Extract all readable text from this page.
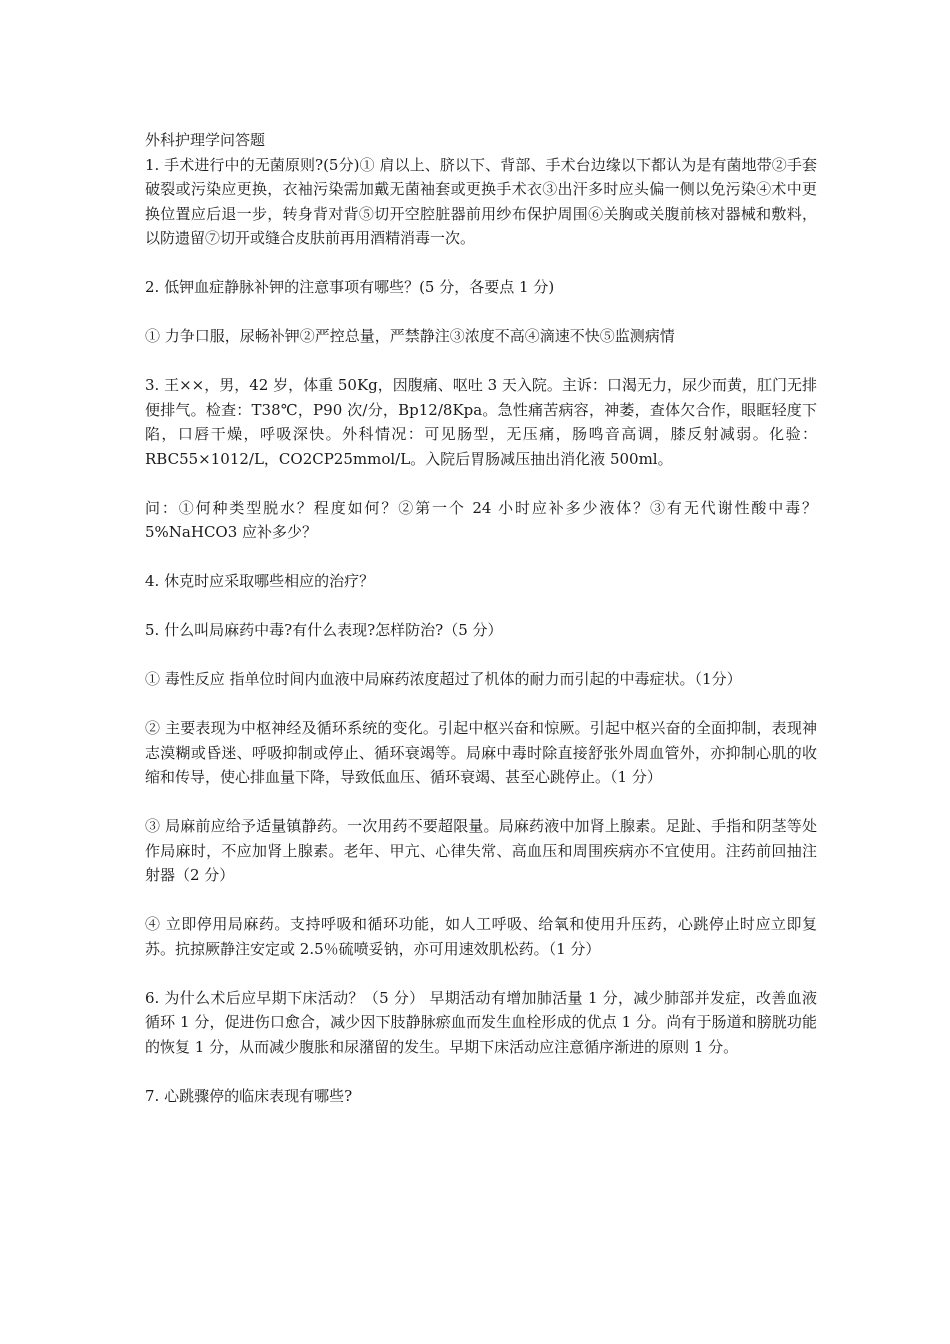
外科护理学问答题

1. 手术进行中的无菌原则?(5分)① 肩以上、脐以下、背部、手术台边缘以下都认为是有菌地带②手套破裂或污染应更换，衣袖污染需加戴无菌袖套或更换手术衣③出汗多时应头偏一侧以免污染④术中更换位置应后退一步，转身背对背⑤切开空腔脏器前用纱布保护周围⑥关胸或关腹前核对器械和敷料，以防遗留⑦切开或缝合皮肤前再用酒精消毒一次。

2. 低钾血症静脉补钾的注意事项有哪些？(5 分，各要点 1 分)

① 力争口服，尿畅补钾②严控总量，严禁静注③浓度不高④滴速不快⑤监测病情

3. 王××，男，42 岁，体重 50Kg，因腹痛、呕吐 3 天入院。主诉：口渴无力，尿少而黄，肛门无排便排气。检查：T38℃，P90 次/分，Bp12/8Kpa。急性痛苦病容，神萎，查体欠合作，眼眶轻度下陷，口唇干燥，呼吸深快。外科情况：可见肠型，无压痛，肠鸣音高调，膝反射减弱。化验：RBC55×1012/L，CO2CP25mmol/L。入院后胃肠减压抽出消化液 500ml。

问：①何种类型脱水？程度如何？②第一个 24 小时应补多少液体？③有无代谢性酸中毒？5%NaHCO3 应补多少？

4. 休克时应采取哪些相应的治疗？

5. 什么叫局麻药中毒?有什么表现?怎样防治?（5 分）

① 毒性反应 指单位时间内血液中局麻药浓度超过了机体的耐力而引起的中毒症状。（1分）

② 主要表现为中枢神经及循环系统的变化。引起中枢兴奋和惊厥。引起中枢兴奋的全面抑制，表现神志漠糊或昏迷、呼吸抑制或停止、循环衰竭等。局麻中毒时除直接舒张外周血管外，亦抑制心肌的收缩和传导，使心排血量下降，导致低血压、循环衰竭、甚至心跳停止。（1 分）

③ 局麻前应给予适量镇静药。一次用药不要超限量。局麻药液中加肾上腺素。足趾、手指和阴茎等处作局麻时，不应加肾上腺素。老年、甲亢、心律失常、高血压和周围疾病亦不宜使用。注药前回抽注射器（2 分）

④ 立即停用局麻药。支持呼吸和循环功能，如人工呼吸、给氧和使用升压药，心跳停止时应立即复苏。抗掠厥静注安定或 2.5％硫喷妥钠，亦可用速效肌松药。（1 分）

6. 为什么术后应早期下床活动？（5 分） 早期活动有增加肺活量 1 分，减少肺部并发症，改善血液循环 1 分，促进伤口愈合，减少因下肢静脉瘀血而发生血栓形成的优点 1 分。尚有于肠道和膀胱功能的恢复 1 分，从而减少腹胀和尿潴留的发生。早期下床活动应注意循序渐进的原则 1 分。

7. 心跳骤停的临床表现有哪些?
